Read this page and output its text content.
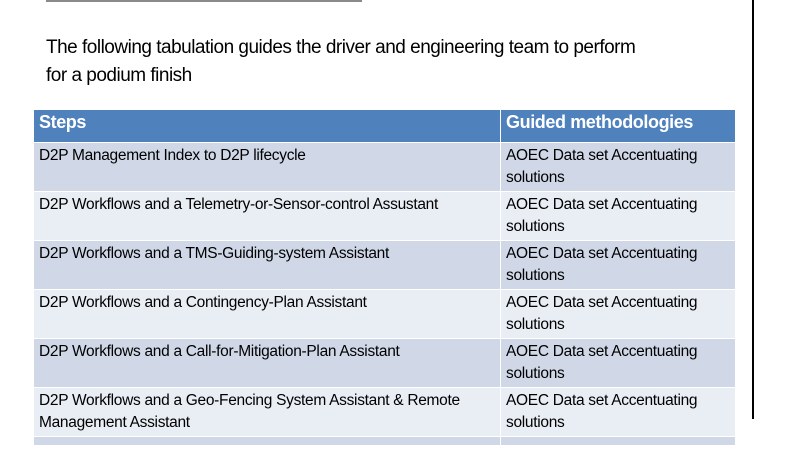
The following tabulation guides the driver and engineering team to perform
for a podium finish
Steps	Guided methodologies
D2P Management Index to D2P lifecycle	AOEC Data set Accentuating solutions
D2P Workflows and a Telemetry-or-Sensor-control Assustant	AOEC Data set Accentuating solutions
D2P Workflows and a TMS-Guiding-system Assistant	AOEC Data set Accentuating solutions
D2P Workflows and a Contingency-Plan Assistant	AOEC Data set Accentuating solutions
D2P Workflows and a Call-for-Mitigation-Plan Assistant	AOEC Data set Accentuating solutions
D2P Workflows and a Geo-Fencing System Assistant & Remote Management Assistant	AOEC Data set Accentuating solutions
